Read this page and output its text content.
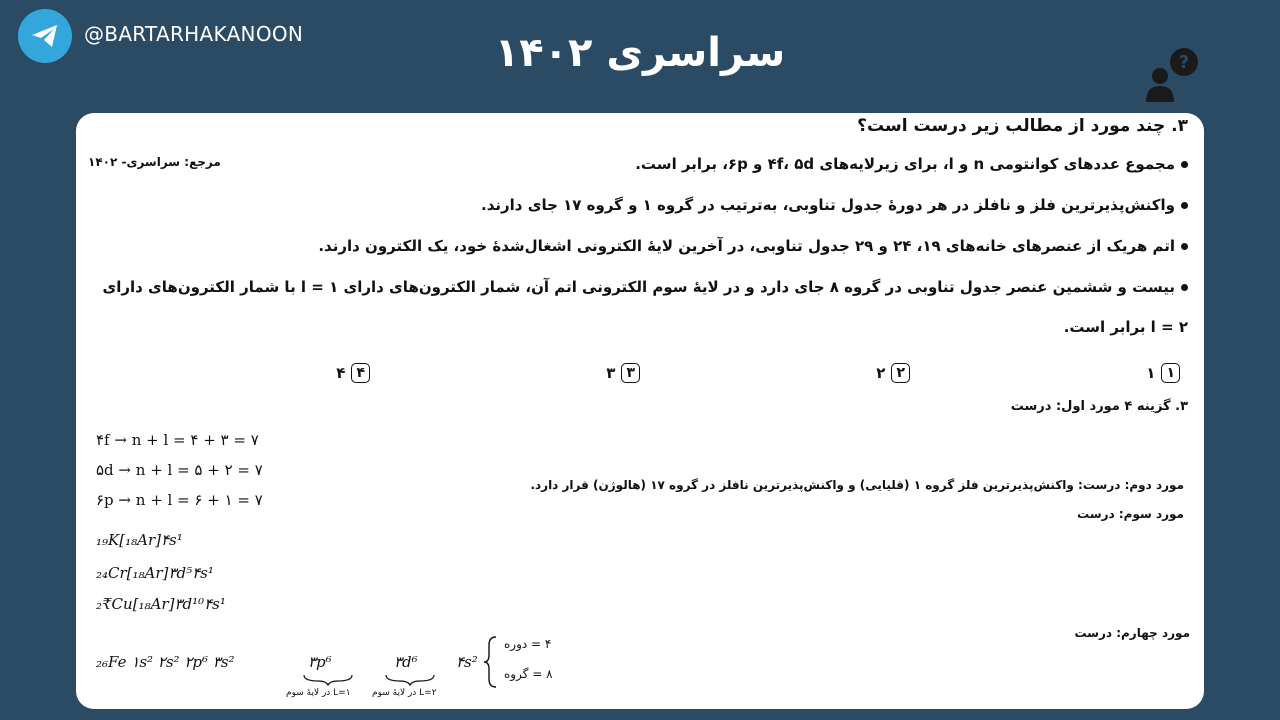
@BARTARHAKANOON	سراسری ۱۴۰۲	?
۳. چند مورد از مطالب زیر درست است؟
مرجع: سراسری- ۱۴۰۲	مجموع عددهای کوانتومی n و l، برای زیرلایه‌های ۴f، ۵d و ۶p، برابر است.
واکنش‌پذیرترین فلز و نافلز در هر دورهٔ جدول تناوبی، به‌ترتیب در گروه ۱ و گروه ۱۷ جای دارند.
اتم هریک از عنصرهای خانه‌های ۱۹، ۲۴ و ۲۹ جدول تناوبی، در آخرین لایهٔ الکترونی اشغال‌شدهٔ خود، یک الکترون دارند.
بیست و ششمین عنصر جدول تناوبی در گروه ۸ جای دارد و در لایهٔ سوم الکترونی اتم آن، شمار الکترون‌های دارای ۱ = l با شمار الکترون‌های دارای
۲ = l برابر است.
۱
۱
۲
۲
۳
۳
۴
۴
۳. گزینه ۴ مورد اول: درست
۴f → n + l = ۴ + ۳ = ۷
۵d → n + l = ۵ + ۲ = ۷
۶p → n + l = ۶ + ۱ = ۷
₁₉K[₁₈Ar]۴s¹
₂₄Cr[₁₈Ar]۳d⁵۴s¹
₂₹Cu[₁₈Ar]۳d¹⁰۴s¹
مورد دوم: درست: واکنش‌پذیرترین فلز گروه ۱ (قلیایی) و واکنش‌پذیرترین نافلز در گروه ۱۷ (هالوژن) قرار دارد.
مورد سوم: درست
مورد چهارم: درست
₂₆Fe ۱s² ۲s² ۲p⁶ ۳s²	۳p⁶	۳d⁶	۴s²
L=۱ در لایهٔ سوم L=۲ در لایهٔ سوم
۴ = دوره
۸ = گروه
